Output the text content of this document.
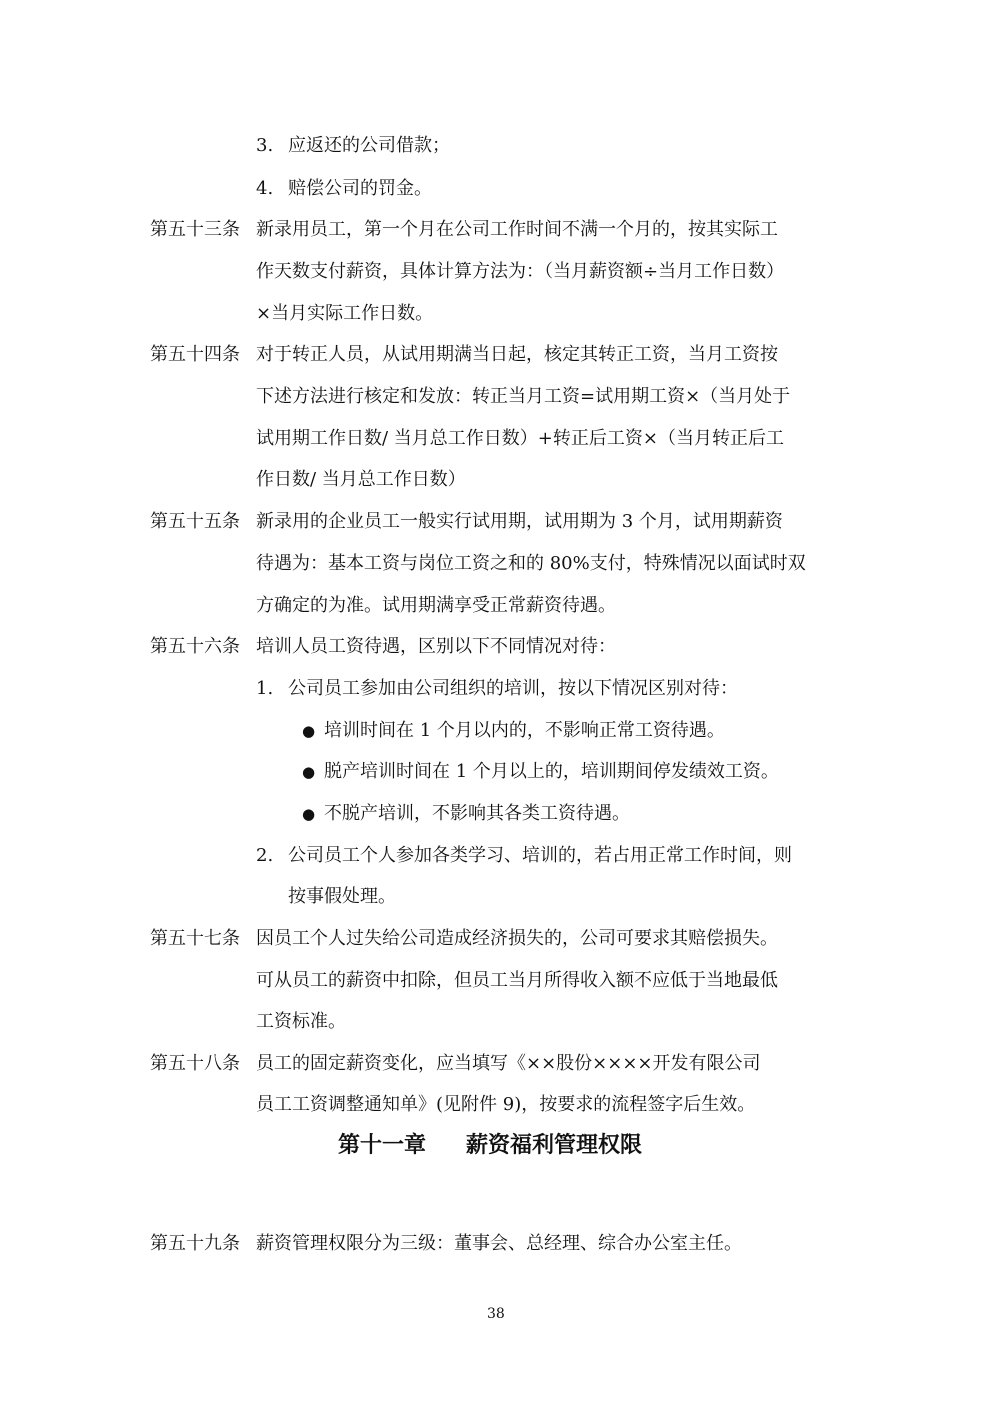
3. 应返还的公司借款；
4. 赔偿公司的罚金。
第五十三条 新录用员工，第一个月在公司工作时间不满一个月的，按其实际工
作天数支付薪资，具体计算方法为：（当月薪资额÷当月工作日数）
×当月实际工作日数。
第五十四条 对于转正人员，从试用期满当日起，核定其转正工资，当月工资按
下述方法进行核定和发放：转正当月工资=试用期工资×（当月处于
试用期工作日数/ 当月总工作日数）+转正后工资×（当月转正后工
作日数/ 当月总工作日数）
第五十五条 新录用的企业员工一般实行试用期，试用期为 3 个月，试用期薪资
待遇为：基本工资与岗位工资之和的 80%支付，特殊情况以面试时双
方确定的为准。试用期满享受正常薪资待遇。
第五十六条 培训人员工资待遇，区别以下不同情况对待：
1. 公司员工参加由公司组织的培训，按以下情况区别对待：
● 培训时间在 1 个月以内的，不影响正常工资待遇。
● 脱产培训时间在 1 个月以上的，培训期间停发绩效工资。
● 不脱产培训，不影响其各类工资待遇。
2. 公司员工个人参加各类学习、培训的，若占用正常工作时间，则
按事假处理。
第五十七条 因员工个人过失给公司造成经济损失的，公司可要求其赔偿损失。
可从员工的薪资中扣除，但员工当月所得收入额不应低于当地最低
工资标准。
第五十八条 员工的固定薪资变化，应当填写《××股份××××开发有限公司
员工工资调整通知单》(见附件 9)，按要求的流程签字后生效。
第十一章 薪资福利管理权限
第五十九条 薪资管理权限分为三级：董事会、总经理、综合办公室主任。
38
